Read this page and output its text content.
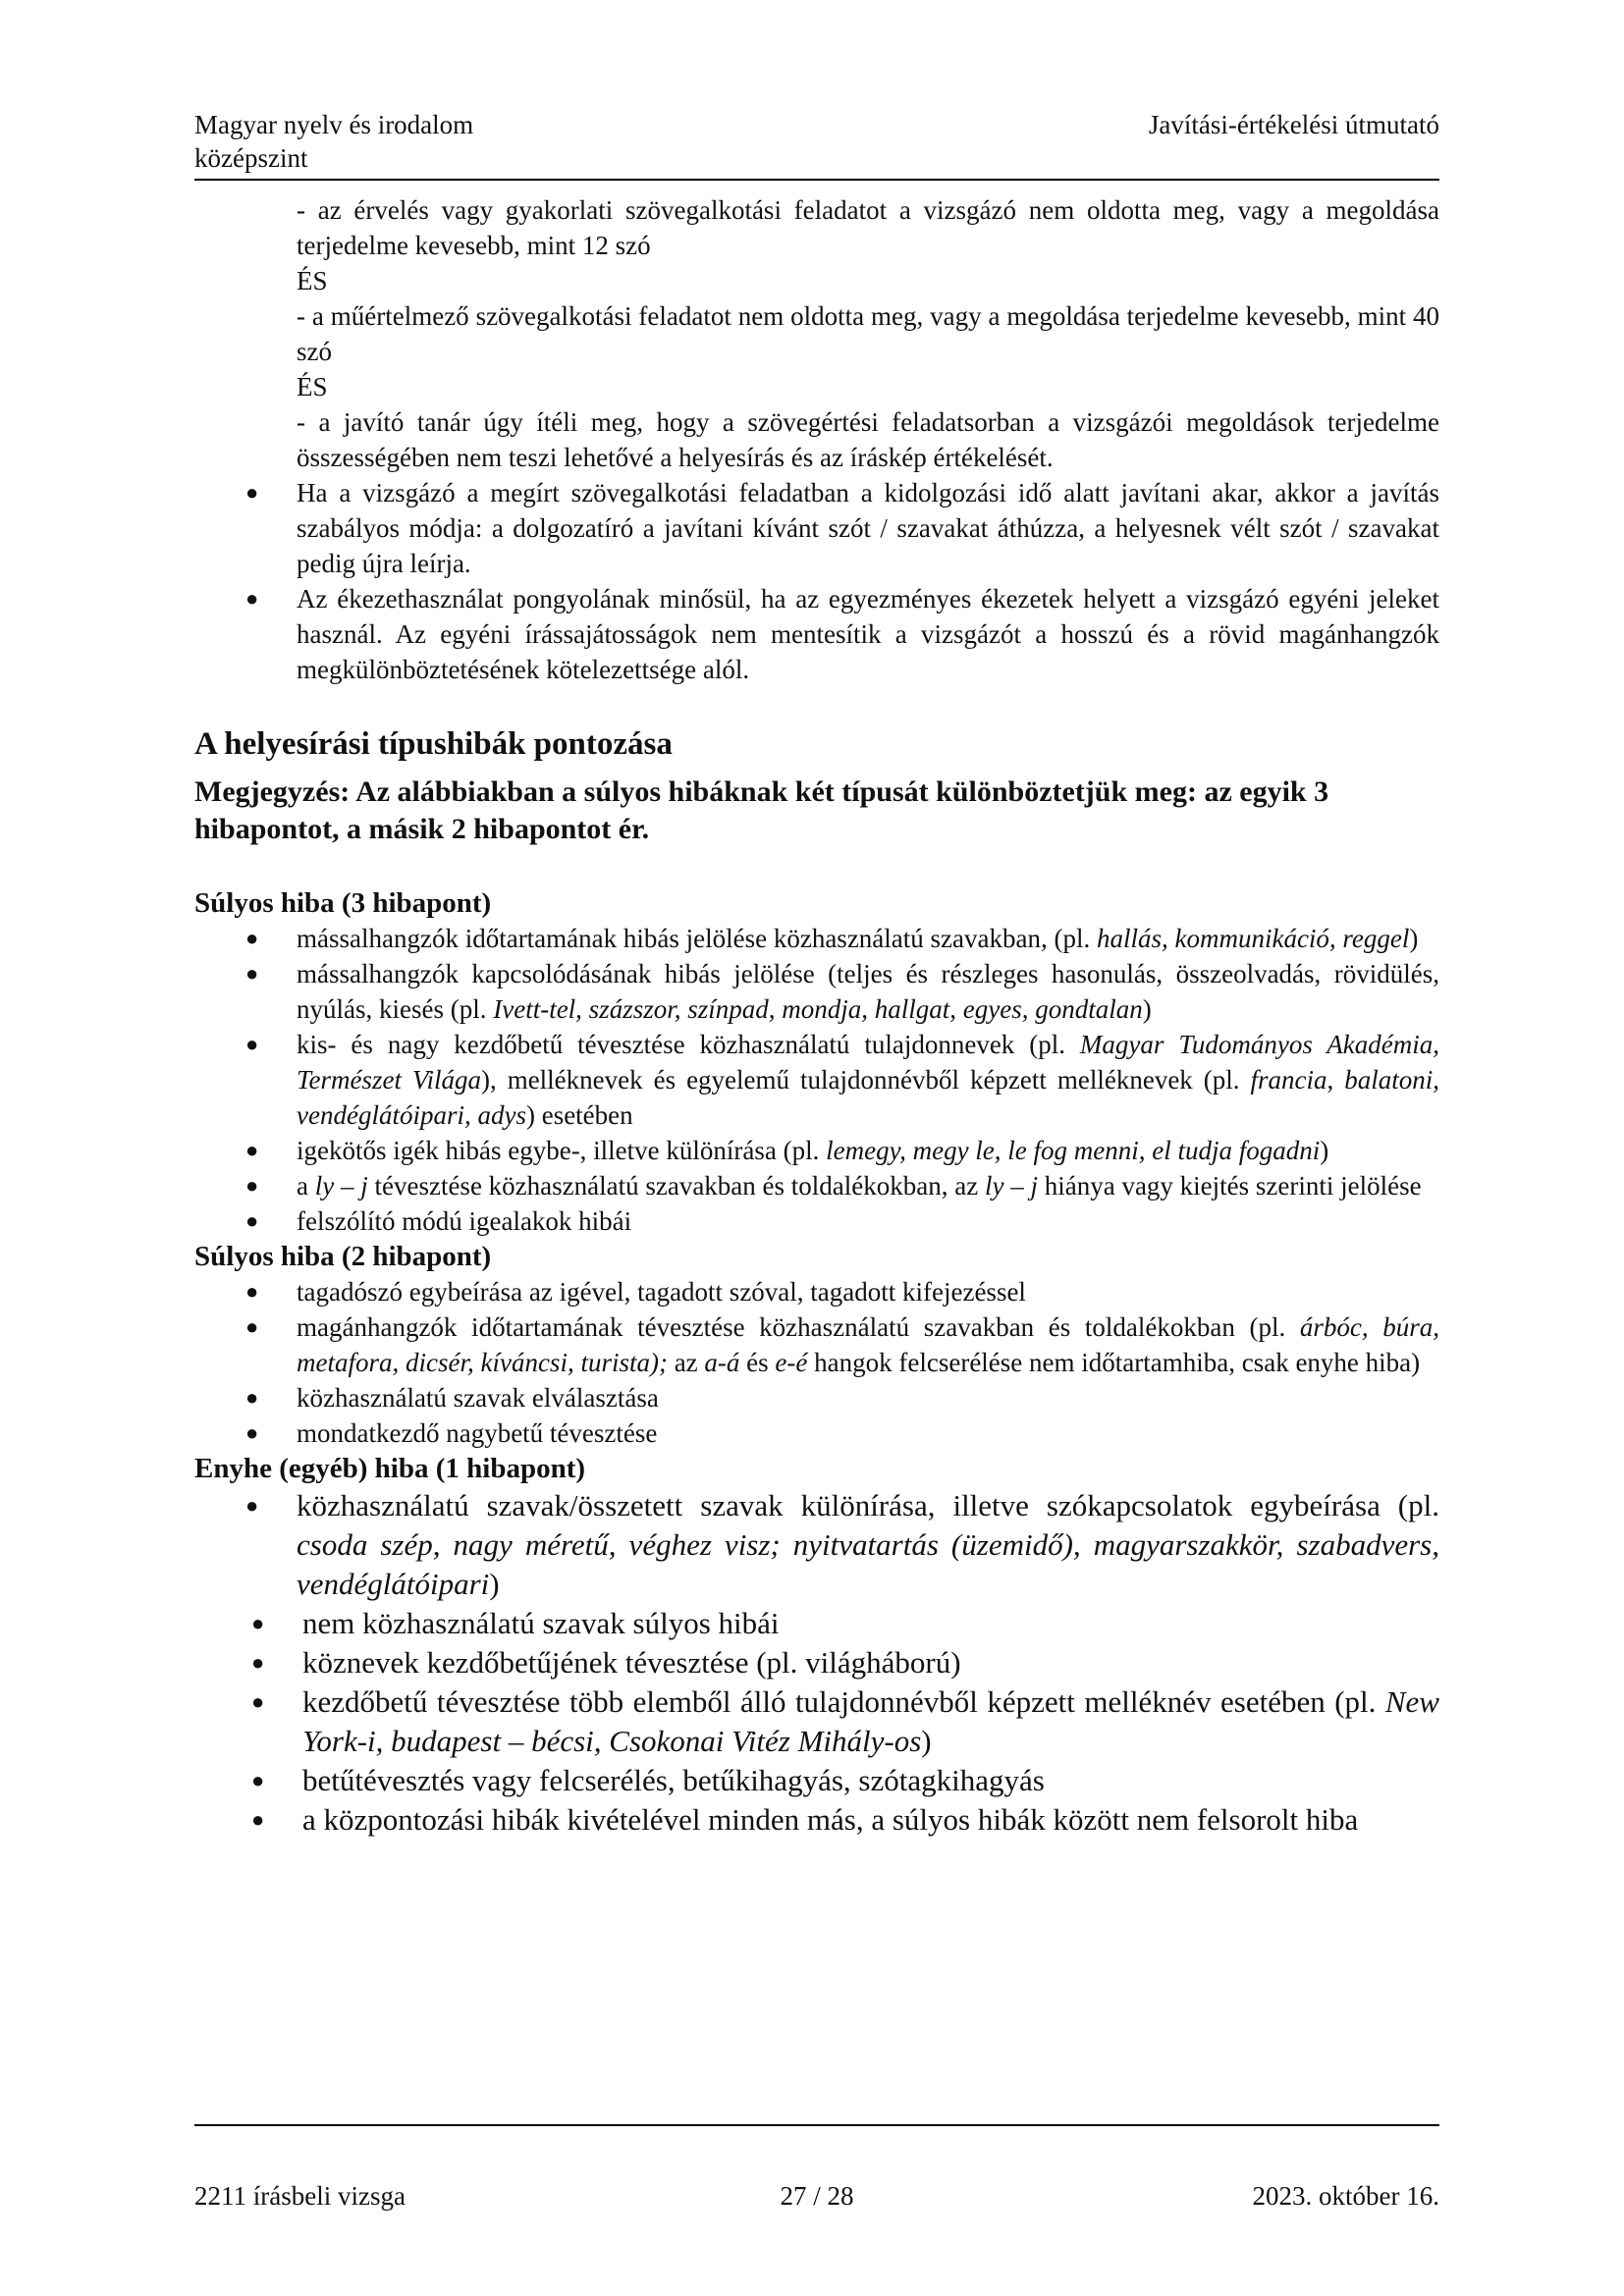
Magyar nyelv és irodalom
középszint
Javítási-értékelési útmutató
- az érvelés vagy gyakorlati szövegalkotási feladatot a vizsgázó nem oldotta meg, vagy a megoldása terjedelme kevesebb, mint 12 szó
ÉS
- a műértelmező szövegalkotási feladatot nem oldotta meg, vagy a megoldása terjedelme kevesebb, mint 40 szó
ÉS
- a javító tanár úgy ítéli meg, hogy a szövegértési feladatsorban a vizsgázói megoldások terjedelme összességében nem teszi lehetővé a helyesírás és az íráskép értékelését.
● Ha a vizsgázó a megírt szövegalkotási feladatban a kidolgozási idő alatt javítani akar, akkor a javítás szabályos módja: a dolgozatíró a javítani kívánt szót / szavakat áthúzza, a helyesnek vélt szót / szavakat pedig újra leírja.
● Az ékezethasználat pongyolának minősül, ha az egyezményes ékezetek helyett a vizsgázó egyéni jeleket használ. Az egyéni írássajátosságok nem mentesítik a vizsgázót a hosszú és a rövid magánhangzók megkülönböztetésének kötelezettsége alól.
A helyesírási típushibák pontozása
Megjegyzés: Az alábbiakban a súlyos hibáknak két típusát különböztetjük meg: az egyik 3 hibapontot, a másik 2 hibapontot ér.
Súlyos hiba (3 hibapont)
● mássalhangzók időtartamának hibás jelölése közhasználatú szavakban, (pl. hallás, kommunikáció, reggel)
● mássalhangzók kapcsolódásának hibás jelölése (teljes és részleges hasonulás, összeolvadás, rövidülés, nyúlás, kiesés (pl. Ivett-tel, százszor, színpad, mondja, hallgat, egyes, gondtalan)
● kis- és nagy kezdőbetű tévesztése közhasználatú tulajdonnevek (pl. Magyar Tudományos Akadémia, Természet Világa), melléknevek és egyelemű tulajdonnévből képzett melléknevek (pl. francia, balatoni, vendéglátóipari, adys) esetében
● igekötős igék hibás egybe-, illetve különírása (pl. lemegy, megy le, le fog menni, el tudja fogadni)
● a ly – j tévesztése közhasználatú szavakban és toldalékokban, az ly – j hiánya vagy kiejtés szerinti jelölése
● felszólító módú igealakok hibái
Súlyos hiba (2 hibapont)
● tagadószó egybeírása az igével, tagadott szóval, tagadott kifejezéssel
● magánhangzók időtartamának tévesztése közhasználatú szavakban és toldalékokban (pl. árbóc, búra, metafora, dicsér, kíváncsi, turista); az a-á és e-é hangok felcserélése nem időtartamhiba, csak enyhe hiba)
● közhasználatú szavak elválasztása
● mondatkezdő nagybetű tévesztése
Enyhe (egyéb) hiba (1 hibapont)
● közhasználatú szavak/összetett szavak különírása, illetve szókapcsolatok egybeírása (pl. csoda szép, nagy méretű, véghez visz; nyitvatartás (üzemidő), magyarszakkör, szabadvers, vendéglátóipari)
● nem közhasználatú szavak súlyos hibái
● köznevek kezdőbetűjének tévesztése (pl. világháború)
● kezdőbetű tévesztése több elemből álló tulajdonnévből képzett melléknév esetében (pl. New York-i, budapest – bécsi, Csokonai Vitéz Mihály-os)
● betűtévesztés vagy felcserélés, betűkihagyás, szótagkihagyás
● a központozási hibák kivételével minden más, a súlyos hibák között nem felsorolt hiba
2211 írásbeli vizsga	27 / 28	2023. október 16.
